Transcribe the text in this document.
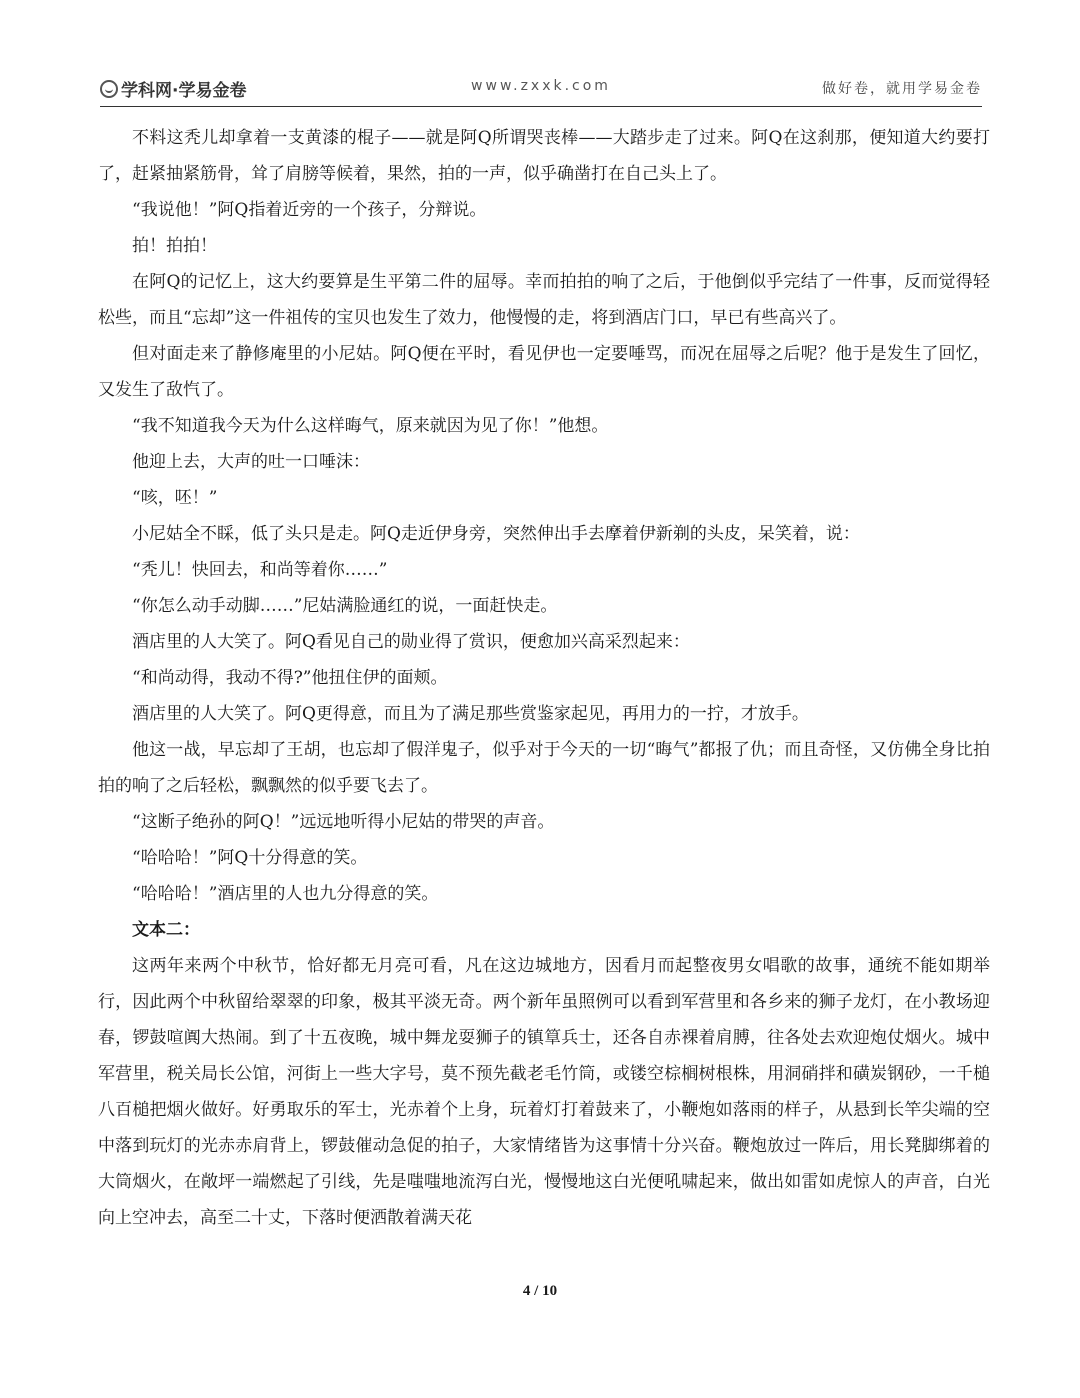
学科网·学易金卷	www.zxxk.com	做好卷，就用学易金卷

不料这秃儿却拿着一支黄漆的棍子——就是阿Q所谓哭丧棒——大踏步走了过来。阿Q在这刹那，便知道大约要打了，赶紧抽紧筋骨，耸了肩膀等候着，果然，拍的一声，似乎确凿打在自己头上了。

“我说他！”阿Q指着近旁的一个孩子，分辩说。

拍！拍拍！

在阿Q的记忆上，这大约要算是生平第二件的屈辱。幸而拍拍的响了之后，于他倒似乎完结了一件事，反而觉得轻松些，而且“忘却”这一件祖传的宝贝也发生了效力，他慢慢的走，将到酒店门口，早已有些高兴了。

但对面走来了静修庵里的小尼姑。阿Q便在平时，看见伊也一定要唾骂，而况在屈辱之后呢？他于是发生了回忆，又发生了敌忾了。

“我不知道我今天为什么这样晦气，原来就因为见了你！”他想。

他迎上去，大声的吐一口唾沫：

“咳，呸！”

小尼姑全不睬，低了头只是走。阿Q走近伊身旁，突然伸出手去摩着伊新剃的头皮，呆笑着，说：

“秃儿！快回去，和尚等着你……”

“你怎么动手动脚……”尼姑满脸通红的说，一面赶快走。

酒店里的人大笑了。阿Q看见自己的勋业得了赏识，便愈加兴高采烈起来：

“和尚动得，我动不得?”他扭住伊的面颊。

酒店里的人大笑了。阿Q更得意，而且为了满足那些赏鉴家起见，再用力的一拧，才放手。

他这一战，早忘却了王胡，也忘却了假洋鬼子，似乎对于今天的一切“晦气”都报了仇；而且奇怪，又仿佛全身比拍拍的响了之后轻松，飘飘然的似乎要飞去了。

“这断子绝孙的阿Q！”远远地听得小尼姑的带哭的声音。

“哈哈哈！”阿Q十分得意的笑。

“哈哈哈！”酒店里的人也九分得意的笑。

文本二：

这两年来两个中秋节，恰好都无月亮可看，凡在这边城地方，因看月而起整夜男女唱歌的故事，通统不能如期举行，因此两个中秋留给翠翠的印象，极其平淡无奇。两个新年虽照例可以看到军营里和各乡来的狮子龙灯，在小教场迎春，锣鼓喧阗大热闹。到了十五夜晚，城中舞龙耍狮子的镇筸兵士，还各自赤裸着肩膊，往各处去欢迎炮仗烟火。城中军营里，税关局长公馆，河街上一些大字号，莫不预先截老毛竹筒，或镂空棕榈树根株，用洞硝拌和磺炭钢砂，一千槌八百槌把烟火做好。好勇取乐的军士，光赤着个上身，玩着灯打着鼓来了，小鞭炮如落雨的样子，从悬到长竿尖端的空中落到玩灯的光赤赤肩背上，锣鼓催动急促的拍子，大家情绪皆为这事情十分兴奋。鞭炮放过一阵后，用长凳脚绑着的大筒烟火，在敞坪一端燃起了引线，先是嗤嗤地流泻白光，慢慢地这白光便吼啸起来，做出如雷如虎惊人的声音，白光向上空冲去，高至二十丈，下落时便洒散着满天花

4 / 10
